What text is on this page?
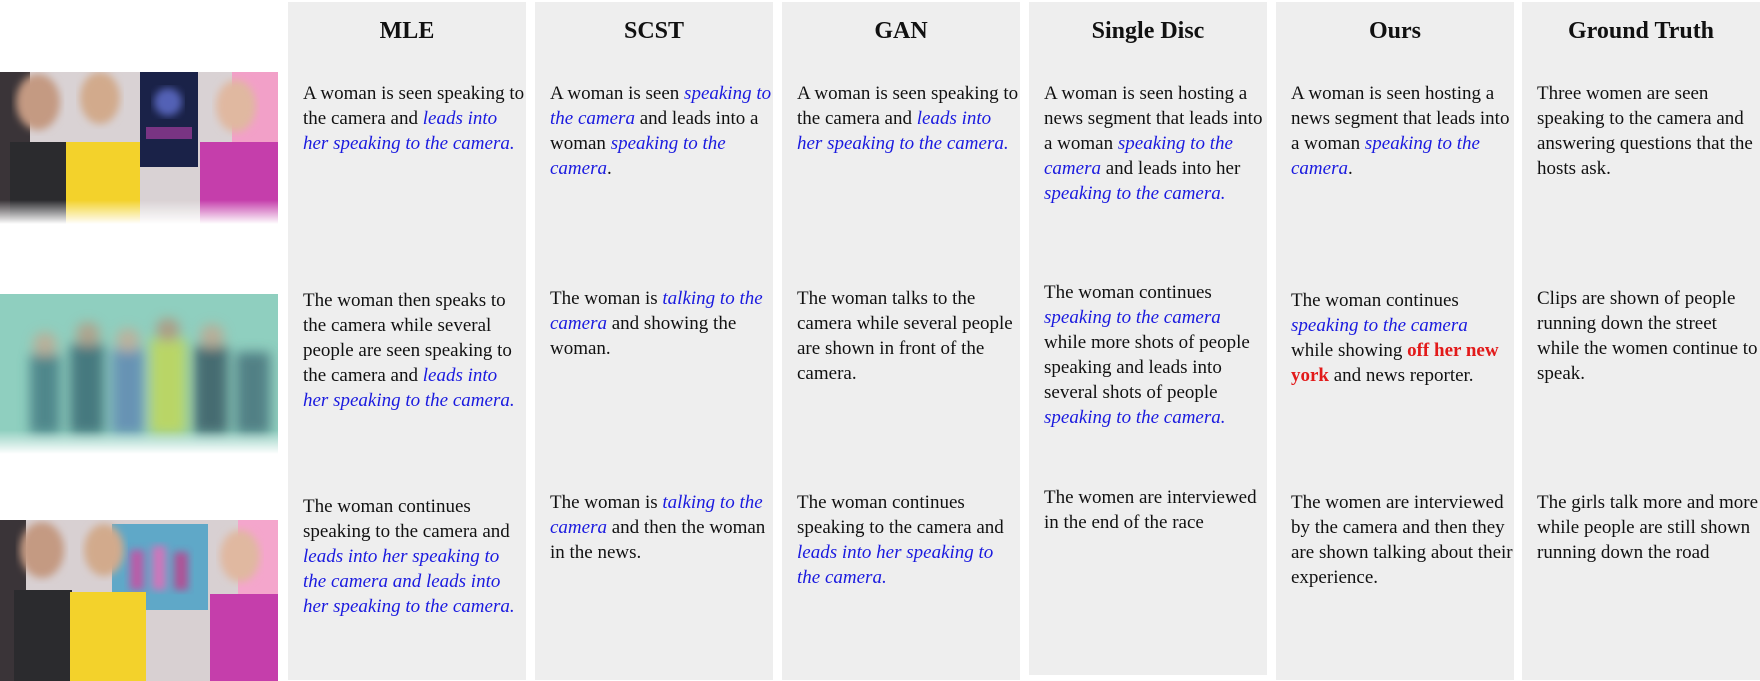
MLE
A woman is seen speaking to the camera and leads into her speaking to the camera.
The woman then speaks to the camera while several people are seen speaking to the camera and leads into her speaking to the camera.
The woman continues speaking to the camera and leads into her speaking to the camera and leads into her speaking to the camera.
SCST
A woman is seen speaking to the camera and leads into a woman speaking to the camera.
The woman is talking to the camera and showing the woman.
The woman is talking to the camera and then the woman in the news.
GAN
A woman is seen speaking to the camera and leads into her speaking to the camera.
The woman talks to the camera while several people are shown in front of the camera.
The woman continues speaking to the camera and leads into her speaking to the camera.
Single Disc
A woman is seen hosting a news segment that leads into a woman speaking to the camera and leads into her speaking to the camera.
The woman continues speaking to the camera while more shots of people speaking and leads into several shots of people speaking to the camera.
The women are interviewed in the end of the race
Ours
A woman is seen hosting a news segment that leads into a woman speaking to the camera.
The woman continues speaking to the camera while showing off her new york and news reporter.
The women are interviewed by the camera and then they are shown talking about their experience.
Ground Truth
Three women are seen speaking to the camera and answering questions that the hosts ask.
Clips are shown of people running down the street while the women continue to speak.
The girls talk more and more while people are still shown running down the road
